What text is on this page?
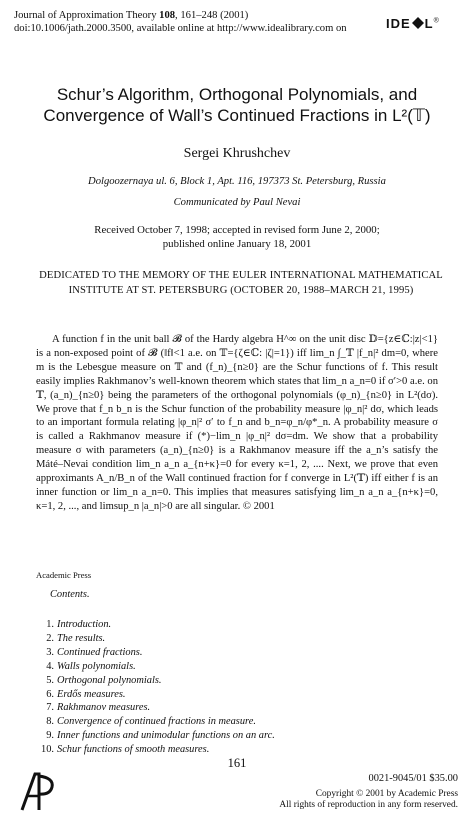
Journal of Approximation Theory 108, 161–248 (2001)
doi:10.1006/jath.2000.3500, available online at http://www.idealibrary.com on	IDE L®
Schur’s Algorithm, Orthogonal Polynomials, and
Convergence of Wall’s Continued Fractions in L²(𝕋)
Sergei Khrushchev
Dolgoozernaya ul. 6, Block 1, Apt. 116, 197373 St. Petersburg, Russia
Communicated by Paul Nevai
Received October 7, 1998; accepted in revised form June 2, 2000;
published online January 18, 2001
DEDICATED TO THE MEMORY OF THE EULER INTERNATIONAL MATHEMATICAL
INSTITUTE AT ST. PETERSBURG (OCTOBER 20, 1988–MARCH 21, 1995)

A function f in the unit ball 𝓑 of the Hardy algebra H^∞ on the unit disc 𝔻={z∈ℂ:|z|<1} is a non-exposed point of 𝓑 (‖f‖<1 a.e. on 𝕋={ζ∈ℂ: |ζ|=1}) iff lim_n ∫_𝕋 |f_n|² dm=0, where m is the Lebesgue measure on 𝕋 and (f_n)_{n≥0} are the Schur functions of f. This result easily implies Rakhmanov’s well-known theorem which states that lim_n a_n=0 if σ′>0 a.e. on 𝕋, (a_n)_{n≥0} being the parameters of the orthogonal polynomials (φ_n)_{n≥0} in L²(dσ). We prove that f_n b_n is the Schur function of the probability measure |φ_n|² dσ, which leads to an important formula relating |φ_n|² σ′ to f_n and b_n=φ_n/φ*_n. A probability measure σ is called a Rakhmanov measure if (*)−lim_n |φ_n|² dσ=dm. We show that a probability measure σ with parameters (a_n)_{n≥0} is a Rakhmanov measure iff the a_n’s satisfy the Máté–Nevai condition lim_n a_n a_{n+κ}=0 for every κ=1, 2, .... Next, we prove that even approximants A_n/B_n of the Wall continued fraction for f converge in L²(𝕋) iff either f is an inner function or lim_n a_n=0. This implies that measures satisfying lim_n a_n a_{n+κ}=0, κ=1, 2, ..., and limsup_n |a_n|>0 are all singular. © 2001

Academic Press
Contents.
1. Introduction.
2. The results.
3. Continued fractions.
4. Walls polynomials.
5. Orthogonal polynomials.
6. Erdős measures.
7. Rakhmanov measures.
8. Convergence of continued fractions in measure.
9. Inner functions and unimodular functions on an arc.
10. Schur functions of smooth measures.
161
0021-9045/01 $35.00
Copyright © 2001 by Academic Press
All rights of reproduction in any form reserved.
